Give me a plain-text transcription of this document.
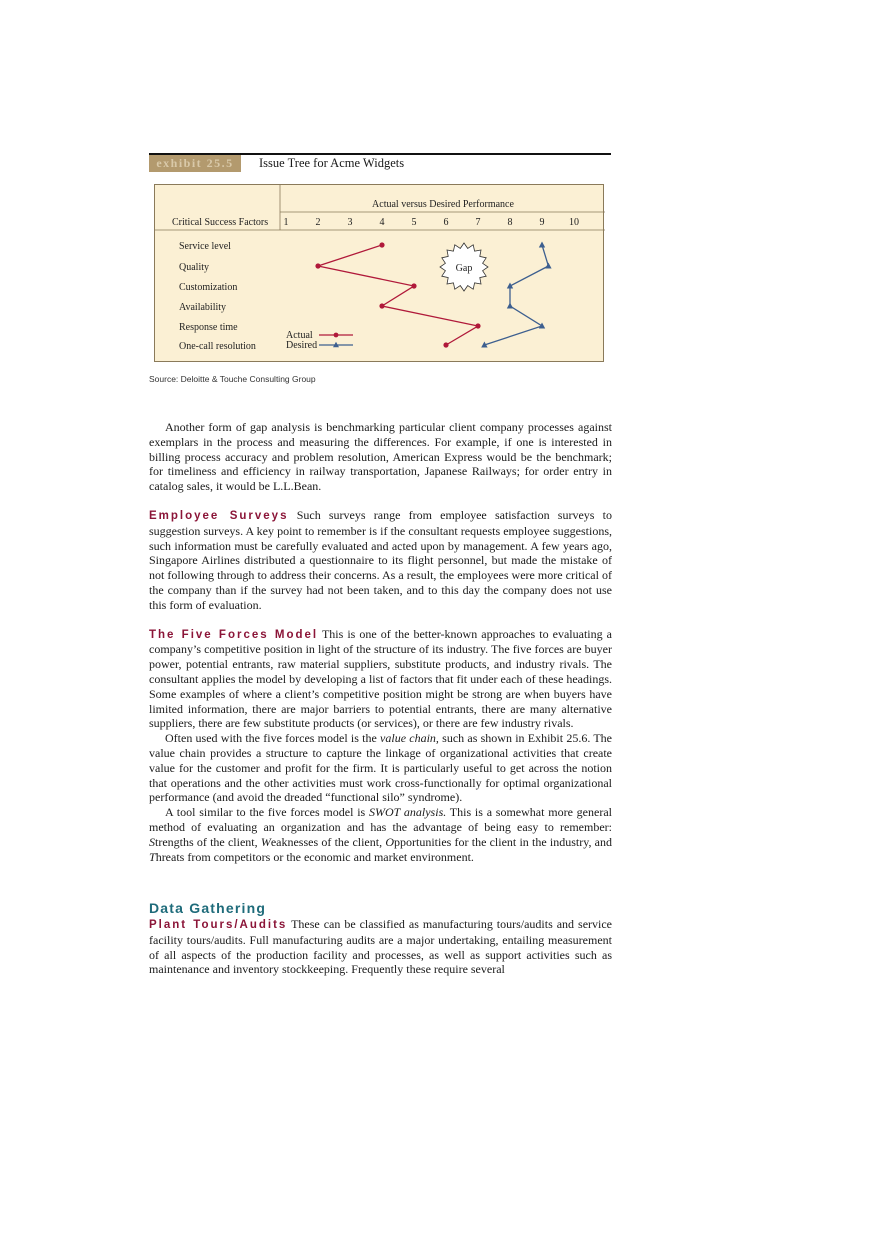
exhibit 25.5	Issue Tree for Acme Widgets
Actual versus Desired Performance
Critical Success Factors 1	2	3	4	5	6	7	8	9 10
Service level
Quality
Customization
Availability
Response time
One-call resolution
Gap
Actual
Desired
Source: Deloitte & Touche Consulting Group

Another form of gap analysis is benchmarking particular client company processes against exemplars in the process and measuring the differences. For example, if one is interested in billing process accuracy and problem resolution, American Express would be the benchmark; for timeliness and efficiency in railway transportation, Japanese Railways; for order entry in catalog sales, it would be L.L.Bean.

Employee Surveys Such surveys range from employee satisfaction surveys to suggestion surveys. A key point to remember is if the consultant requests employee suggestions, such information must be carefully evaluated and acted upon by management. A few years ago, Singapore Airlines distributed a questionnaire to its flight personnel, but made the mistake of not following through to address their concerns. As a result, the employees were more critical of the company than if the survey had not been taken, and to this day the company does not use this form of evaluation.

The Five Forces Model This is one of the better-known approaches to evaluating a company’s competitive position in light of the structure of its industry. The five forces are buyer power, potential entrants, raw material suppliers, substitute products, and industry rivals. The consultant applies the model by developing a list of factors that fit under each of these headings. Some examples of where a client’s competitive position might be strong are when buyers have limited information, there are major barriers to potential entrants, there are many alternative suppliers, there are few substitute products (or services), or there are few industry rivals.

Often used with the five forces model is the value chain, such as shown in Exhibit 25.6. The value chain provides a structure to capture the linkage of organizational activities that create value for the customer and profit for the firm. It is particularly useful to get across the notion that operations and the other activities must work cross-functionally for optimal organizational performance (and avoid the dreaded “functional silo” syndrome).

A tool similar to the five forces model is SWOT analysis. This is a somewhat more general method of evaluating an organization and has the advantage of being easy to remember: Strengths of the client, Weaknesses of the client, Opportunities for the client in the industry, and Threats from competitors or the economic and market environment.

Data Gathering

Plant Tours/Audits These can be classified as manufacturing tours/audits and service facility tours/audits. Full manufacturing audits are a major undertaking, entailing measurement of all aspects of the production facility and processes, as well as support activities such as maintenance and inventory stockkeeping. Frequently these require several
